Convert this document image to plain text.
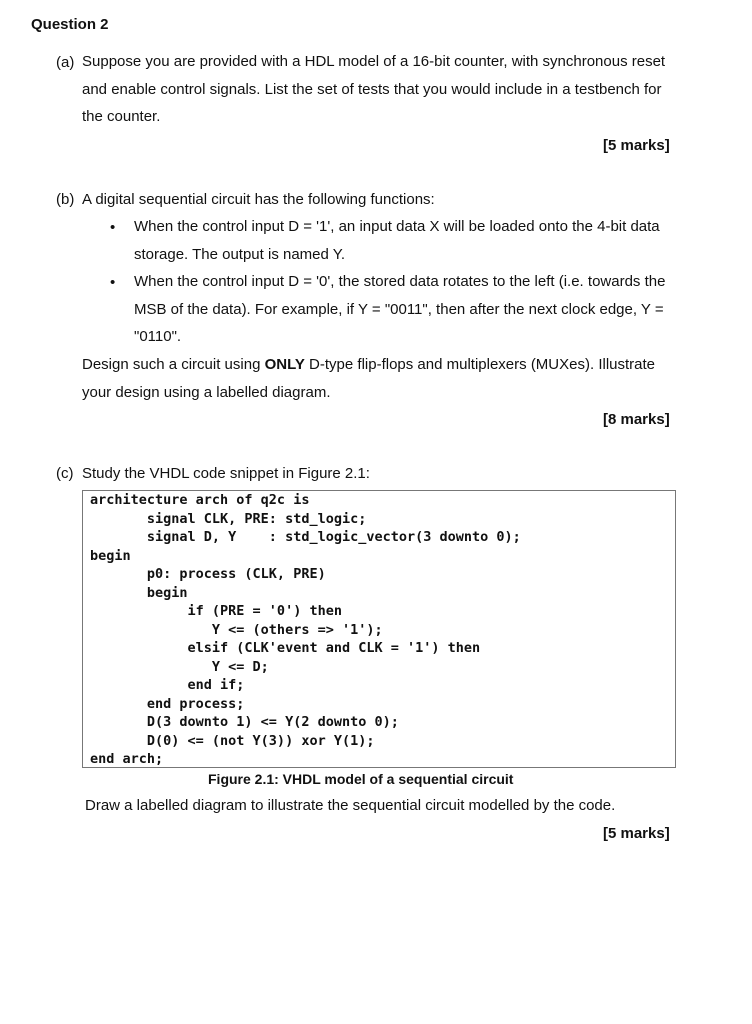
Question 2
(a) Suppose you are provided with a HDL model of a 16-bit counter, with synchronous reset
and enable control signals. List the set of tests that you would include in a testbench for
the counter.
[5 marks]
(b) A digital sequential circuit has the following functions:
• When the control input D = '1', an input data X will be loaded onto the 4-bit data
storage. The output is named Y.
• When the control input D = '0', the stored data rotates to the left (i.e. towards the
MSB of the data). For example, if Y = "0011", then after the next clock edge, Y =
"0110".
Design such a circuit using ONLY D-type flip-flops and multiplexers (MUXes). Illustrate
your design using a labelled diagram.
[8 marks]
(c) Study the VHDL code snippet in Figure 2.1:
architecture arch of q2c is
signal CLK, PRE: std_logic;
signal D, Y    : std_logic_vector(3 downto 0);
begin
p0: process (CLK, PRE)
begin
if (PRE = '0') then
Y <= (others => '1');
elsif (CLK'event and CLK = '1') then
Y <= D;
end if;
end process;
D(3 downto 1) <= Y(2 downto 0);
D(0) <= (not Y(3)) xor Y(1);
end arch;
Figure 2.1: VHDL model of a sequential circuit
Draw a labelled diagram to illustrate the sequential circuit modelled by the code.
[5 marks]
